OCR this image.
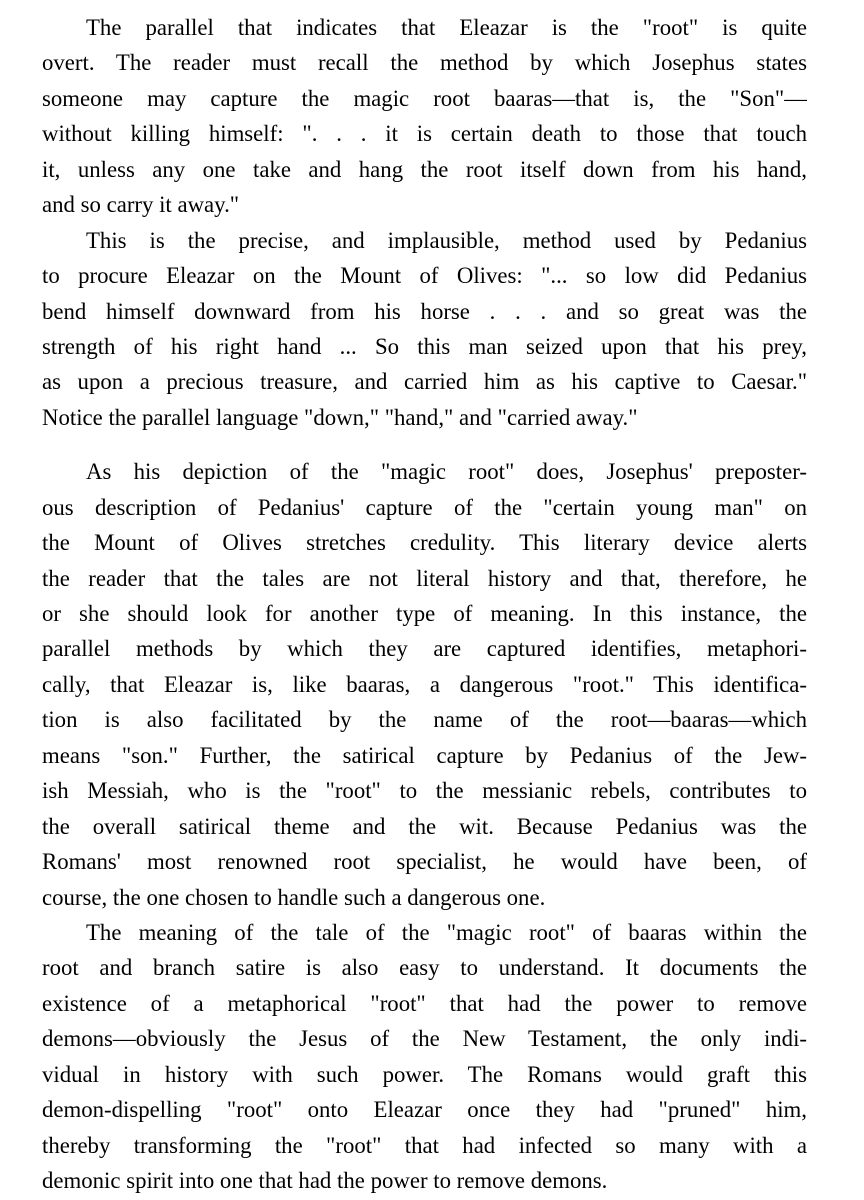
The parallel that indicates that Eleazar is the "root" is quite
overt. The reader must recall the method by which Josephus states
someone may capture the magic root baaras—that is, the "Son"—
without killing himself: ". . . it is certain death to those that touch
it, unless any one take and hang the root itself down from his hand,
and so carry it away."
This is the precise, and implausible, method used by Pedanius
to procure Eleazar on the Mount of Olives: "... so low did Pedanius
bend himself downward from his horse . . . and so great was the
strength of his right hand ... So this man seized upon that his prey,
as upon a precious treasure, and carried him as his captive to Caesar."
Notice the parallel language "down," "hand," and "carried away."
As his depiction of the "magic root" does, Josephus' preposter-
ous description of Pedanius' capture of the "certain young man" on
the Mount of Olives stretches credulity. This literary device alerts
the reader that the tales are not literal history and that, therefore, he
or she should look for another type of meaning. In this instance, the
parallel methods by which they are captured identifies, metaphori-
cally, that Eleazar is, like baaras, a dangerous "root." This identifica-
tion is also facilitated by the name of the root—baaras—which
means "son." Further, the satirical capture by Pedanius of the Jew-
ish Messiah, who is the "root" to the messianic rebels, contributes to
the overall satirical theme and the wit. Because Pedanius was the
Romans' most renowned root specialist, he would have been, of
course, the one chosen to handle such a dangerous one.
The meaning of the tale of the "magic root" of baaras within the
root and branch satire is also easy to understand. It documents the
existence of a metaphorical "root" that had the power to remove
demons—obviously the Jesus of the New Testament, the only indi-
vidual in history with such power. The Romans would graft this
demon-dispelling "root" onto Eleazar once they had "pruned" him,
thereby transforming the "root" that had infected so many with a
demonic spirit into one that had the power to remove demons.
